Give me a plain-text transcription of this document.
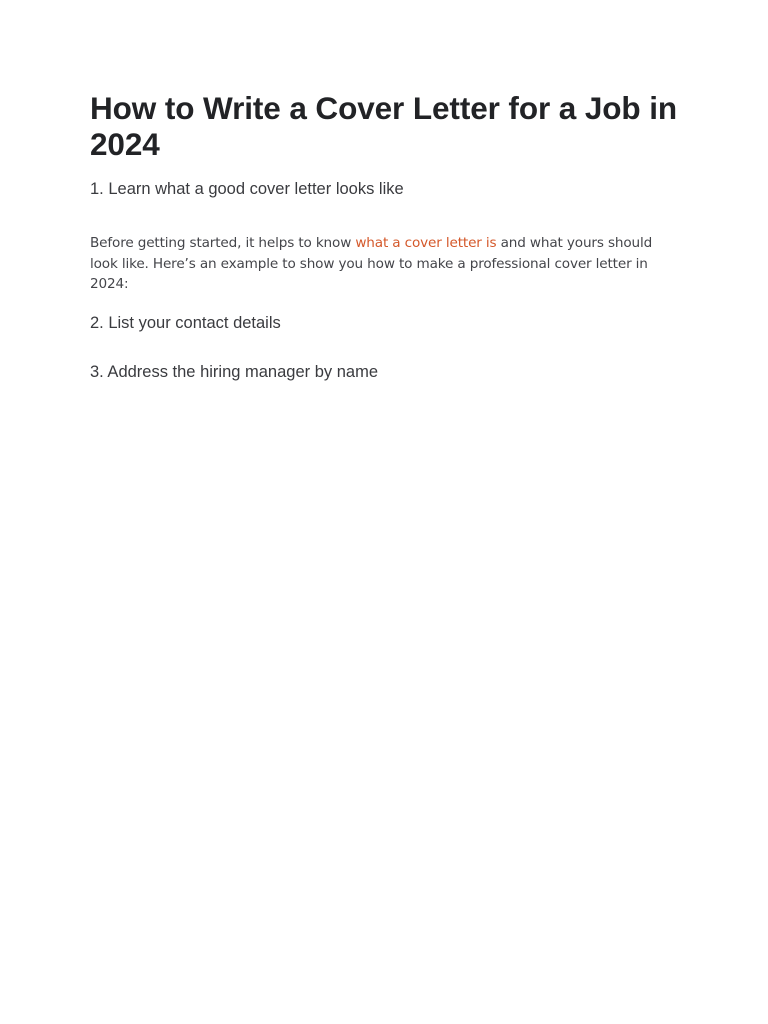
How to Write a Cover Letter for a Job in 2024
1. Learn what a good cover letter looks like

Before getting started, it helps to know what a cover letter is and what yours should look like. Here’s an example to show you how to make a professional cover letter in 2024:

2. List your contact details
3. Address the hiring manager by name
